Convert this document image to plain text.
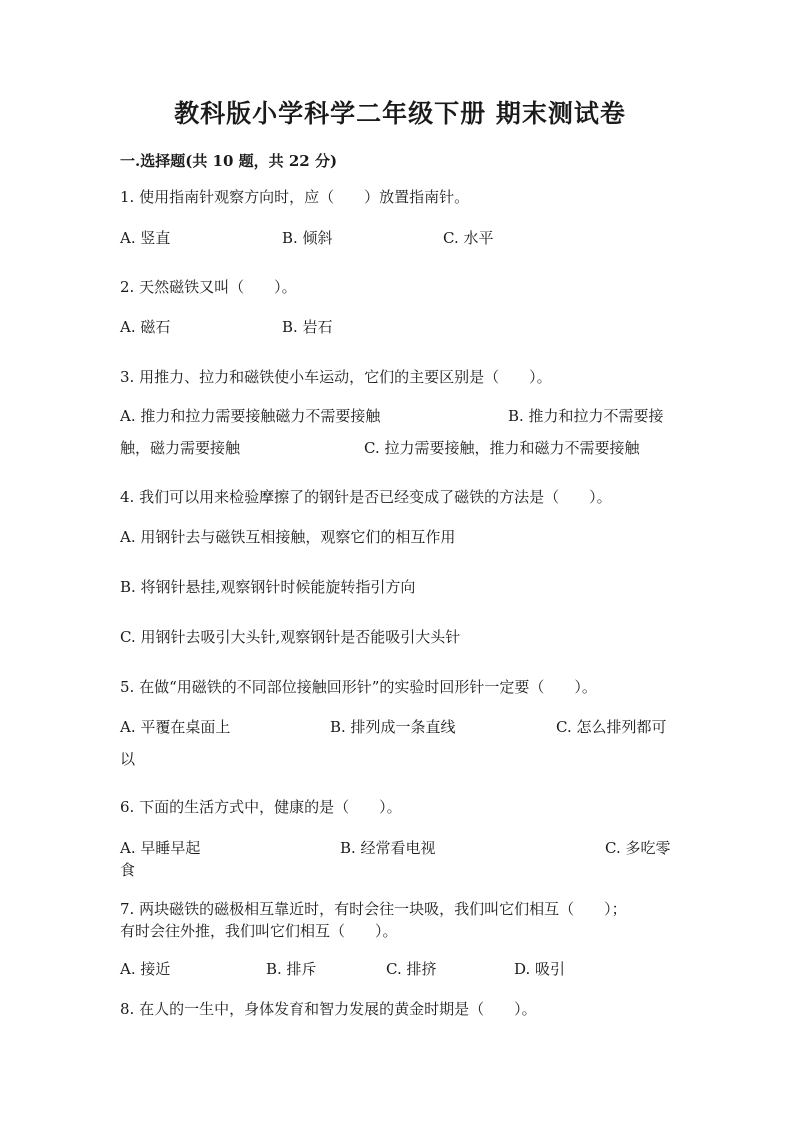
教科版小学科学二年级下册 期末测试卷
一.选择题(共 10 题，共 22 分)
1. 使用指南针观察方向时，应（　　）放置指南针。
A. 竖直	B. 倾斜	C. 水平
2. 天然磁铁又叫（　　）。
A. 磁石	B. 岩石
3. 用推力、拉力和磁铁使小车运动，它们的主要区别是（　　）。
A. 推力和拉力需要接触磁力不需要接触	B. 推力和拉力不需要接
触，磁力需要接触	C. 拉力需要接触，推力和磁力不需要接触
4. 我们可以用来检验摩擦了的钢针是否已经变成了磁铁的方法是（　　）。
A. 用钢针去与磁铁互相接触，观察它们的相互作用
B. 将钢针悬挂,观察钢针时候能旋转指引方向
C. 用钢针去吸引大头针,观察钢针是否能吸引大头针
5. 在做“用磁铁的不同部位接触回形针”的实验时回形针一定要（　　）。
A. 平覆在桌面上	B. 排列成一条直线	C. 怎么排列都可
以
6. 下面的生活方式中，健康的是（　　）。
A. 早睡早起	B. 经常看电视	C. 多吃零
食
7. 两块磁铁的磁极相互靠近时，有时会往一块吸，我们叫它们相互（　　）；
有时会往外推，我们叫它们相互（　　）。
A. 接近	B. 排斥	C. 排挤	D. 吸引
8. 在人的一生中，身体发育和智力发展的黄金时期是（　　）。
